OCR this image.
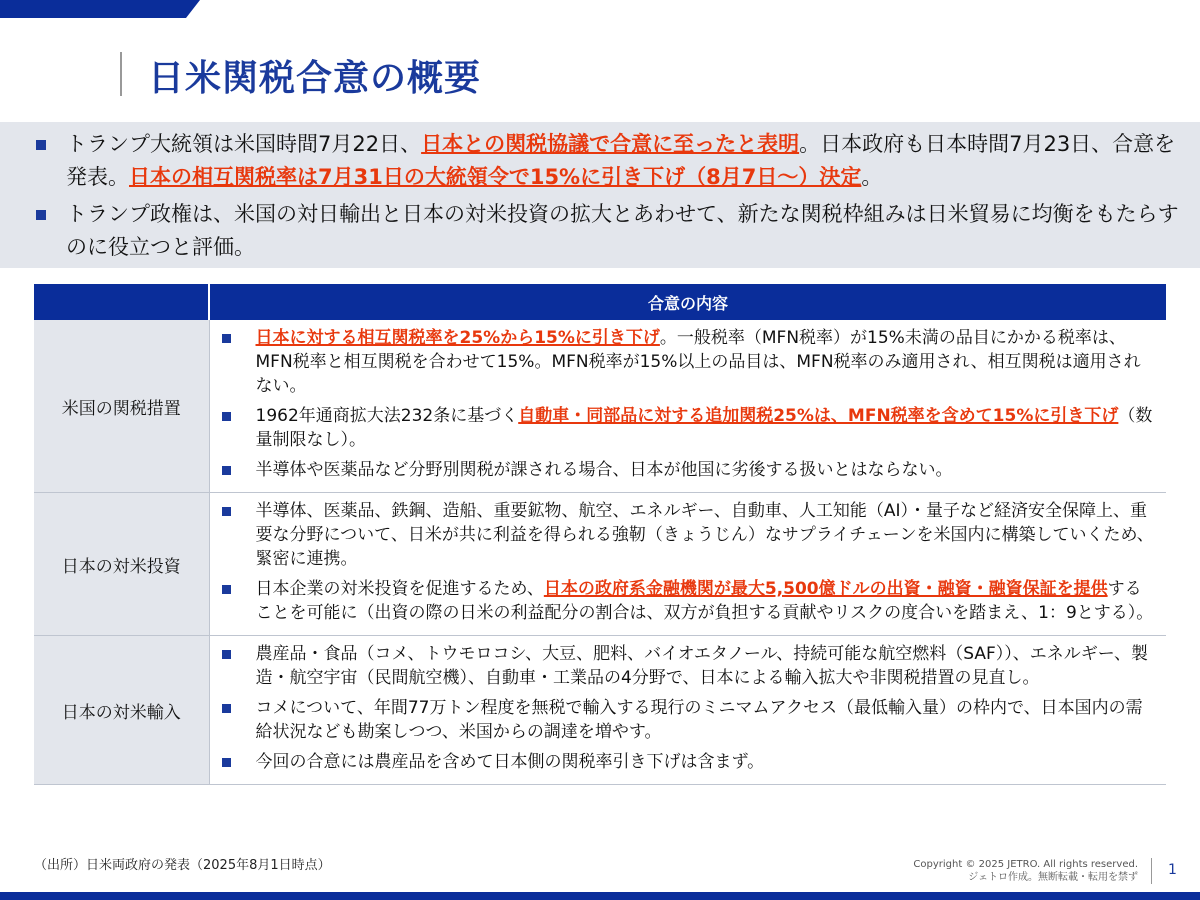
日米関税合意の概要
トランプ大統領は米国時間7月22日、日本との関税協議で合意に至ったと表明。日本政府も日本時間7月23日、合意を発表。日本の相互関税率は7月31日の大統領令で15%に引き下げ（8月7日～）決定。
トランプ政権は、米国の対日輸出と日本の対米投資の拡大とあわせて、新たな関税枠組みは日米貿易に均衡をもたらすのに役立つと評価。
	合意の内容
米国の関税措置	日本に対する相互関税率を25%から15%に引き下げ。一般税率（MFN税率）が15%未満の品目にかかる税率は、MFN税率と相互関税を合わせて15%。MFN税率が15%以上の品目は、MFN税率のみ適用され、相互関税は適用されない。
1962年通商拡大法232条に基づく自動車・同部品に対する追加関税25%は、MFN税率を含めて15%に引き下げ（数量制限なし）。
半導体や医薬品など分野別関税が課される場合、日本が他国に劣後する扱いとはならない。

日本の対米投資	半導体、医薬品、鉄鋼、造船、重要鉱物、航空、エネルギー、自動車、人工知能（AI）・量子など経済安全保障上、重要な分野について、日米が共に利益を得られる強靭（きょうじん）なサプライチェーンを米国内に構築していくため、緊密に連携。
日本企業の対米投資を促進するため、日本の政府系金融機関が最大5,500億ドルの出資・融資・融資保証を提供することを可能に（出資の際の日米の利益配分の割合は、双方が負担する貢献やリスクの度合いを踏まえ、1：9とする）。

日本の対米輸入	農産品・食品（コメ、トウモロコシ、大豆、肥料、バイオエタノール、持続可能な航空燃料（SAF））、エネルギー、製造・航空宇宙（民間航空機）、自動車・工業品の4分野で、日本による輸入拡大や非関税措置の見直し。
コメについて、年間77万トン程度を無税で輸入する現行のミニマムアクセス（最低輸入量）の枠内で、日本国内の需給状況なども勘案しつつ、米国からの調達を増やす。
今回の合意には農産品を含めて日本側の関税率引き下げは含まず。
（出所）日米両政府の発表（2025年8月1日時点）	Copyright © 2025 JETRO. All rights reserved.
ジェトロ作成。無断転載・転用を禁ず 1
